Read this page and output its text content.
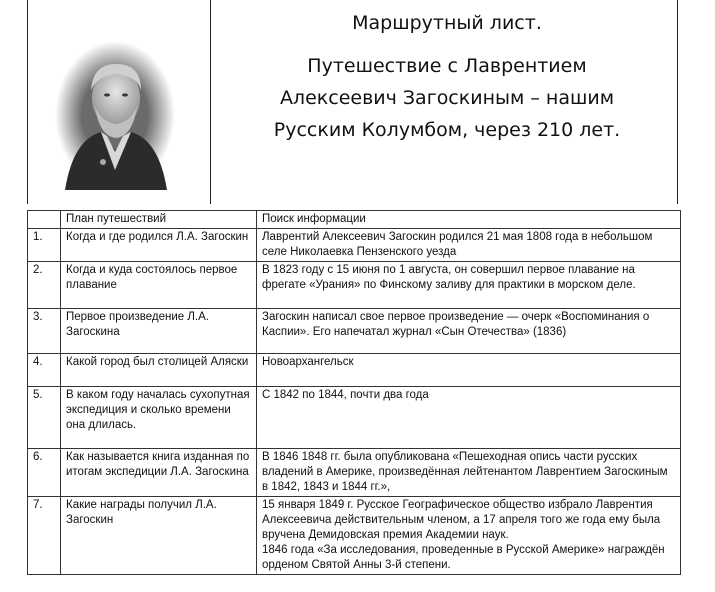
Маршрутный лист.
Путешествие с Лаврентием
Алексеевич Загоскиным – нашим
Русским Колумбом, через 210 лет.
	План путешествий	Поиск информации
1.	Когда и где родился Л.А. Загоскин	Лаврентий Алексеевич Загоскин родился 21 мая 1808 года в небольшом селе Николаевка Пензенского уезда
2.	Когда и куда состоялось первое плавание	В 1823 году с 15 июня по 1 августа, он совершил первое плавание на фрегате «Урания» по Финскому заливу для практики в морском деле.
3.	Первое произведение Л.А. Загоскина	Загоскин написал свое первое произведение — очерк «Воспоминания о Каспии». Его напечатал журнал «Сын Отечества» (1836)
4.	Какой город был столицей Аляски	Новоархангельск
5.	В каком году началась сухопутная экспедиция и сколько времени она длилась.	С 1842 по 1844, почти два года
6.	Как называется книга изданная по итогам экспедиции Л.А. Загоскина	В 1846 1848 гг. была опубликована «Пешеходная опись части русских владений в Америке, произведённая лейтенантом Лаврентием Загоскиным в 1842, 1843 и 1844 гг.»,
7.	Какие награды получил Л.А. Загоскин	15 января 1849 г. Русское Географическое общество избрало Лаврентия Алексеевича действительным членом, а 17 апреля того же года ему была вручена Демидовская премия Академии наук.
1846 года «За исследования, проведенные в Русской Америке» награждён орденом Святой Анны 3-й степени.
